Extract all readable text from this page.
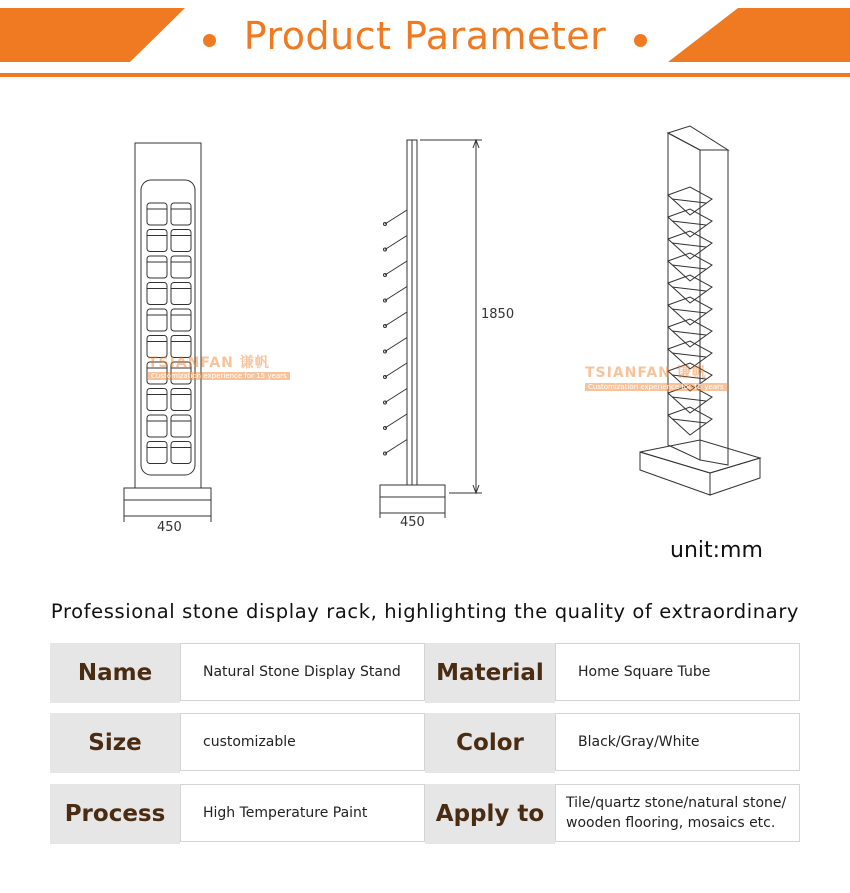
Product Parameter
450	450
1850
unit:mm
TSIANFAN 谦帆
Customization experience for 15 years	TSIANFAN 谦帆
Customization experience for 15 years
Professional stone display rack, highlighting the quality of extraordinary
Name	Natural Stone Display Stand	Material	Home Square Tube
Size	customizable	Color	Black/Gray/White
Process	High Temperature Paint	Apply to	Tile/quartz stone/natural stone/
wooden flooring, mosaics etc.
